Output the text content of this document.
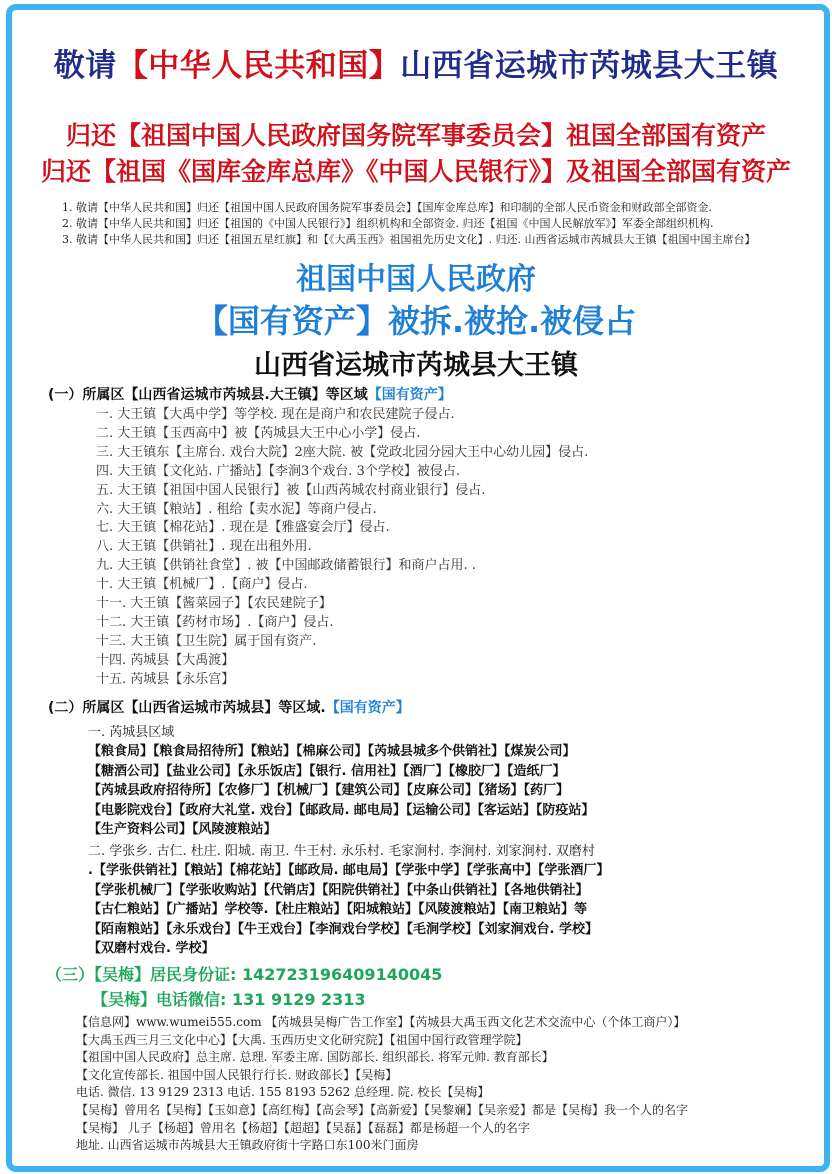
敬请【中华人民共和国】山西省运城市芮城县大王镇
归还【祖国中国人民政府国务院军事委员会】祖国全部国有资产
归还【祖国《国库金库总库》《中国人民银行》】及祖国全部国有资产
1. 敬请【中华人民共和国】归还【祖国中国人民政府国务院军事委员会】【国库金库总库】和印制的全部人民币资金和财政部全部资金.
2. 敬请【中华人民共和国】归还【祖国的《中国人民银行》】组织机构和全部资金. 归还【祖国《中国人民解放军》】军委全部组织机构.
3. 敬请【中华人民共和国】归还【祖国五星红旗】和【《大禹玉西》祖国祖先历史文化】. 归还. 山西省运城市芮城县大王镇【祖国中国主席台】
祖国中国人民政府
【国有资产】被拆.被抢.被侵占
山西省运城市芮城县大王镇
(一）所属区【山西省运城市芮城县.大王镇】等区域【国有资产】
一. 大王镇【大禹中学】等学校. 现在是商户和农民建院子侵占.
二. 大王镇【玉西高中】被【芮城县大王中心小学】侵占.
三. 大王镇东【主席台. 戏台大院】2座大院. 被【党政北园分园大王中心幼儿园】侵占.
四. 大王镇【文化站. 广播站】【李涧3个戏台. 3个学校】被侵占.
五. 大王镇【祖国中国人民银行】被【山西芮城农村商业银行】侵占.
六. 大王镇【粮站】. 租给【卖水泥】等商户侵占.
七. 大王镇【棉花站】. 现在是【雅盛宴会厅】侵占.
八. 大王镇【供销社】. 现在出租外用.
九. 大王镇【供销社食堂】. 被【中国邮政储蓄银行】和商户占用. .
十. 大王镇【机械厂】.【商户】侵占.
十一. 大王镇【酱菜园子】【农民建院子】
十二. 大王镇【药材市场】.【商户】侵占.
十三. 大王镇【卫生院】属于国有资产.
十四. 芮城县【大禹渡】
十五. 芮城县【永乐宫】
(二）所属区【山西省运城市芮城县】等区域.【国有资产】
一. 芮城县区域
【粮食局】【粮食局招待所】【粮站】【棉麻公司】【芮城县城多个供销社】【煤炭公司】
【糖酒公司】【盐业公司】【永乐饭店】【银行. 信用社】【酒厂】【橡胶厂】【造纸厂】
【芮城县政府招待所】【农修厂】【机械厂】【建筑公司】【皮麻公司】【猪场】【药厂】
【电影院戏台】【政府大礼堂. 戏台】【邮政局. 邮电局】【运输公司】【客运站】【防疫站】
【生产资料公司】【风陵渡粮站】
二. 学张乡. 古仁. 杜庄. 阳城. 南卫. 牛王村. 永乐村. 毛家涧村. 李涧村. 刘家涧村. 双磨村
.【学张供销社】【粮站】【棉花站】【邮政局. 邮电局】【学张中学】【学张高中】【学张酒厂】
【学张机械厂】【学张收购站】【代销店】【阳院供销社】【中条山供销社】【各地供销社】
【古仁粮站】【广播站】学校等.【杜庄粮站】【阳城粮站】【风陵渡粮站】【南卫粮站】等
【陌南粮站】【永乐戏台】【牛王戏台】【李涧戏台学校】【毛涧学校】【刘家涧戏台. 学校】
【双磨村戏台. 学校】
（三）【吴梅】居民身份证: 142723196409140045
【吴梅】电话微信: 131 9129 2313
【信息网】www.wumei555.com 【芮城县吴梅广告工作室】【芮城县大禹玉西文化艺术交流中心（个体工商户）】
【大禹玉西三月三文化中心】【大禹. 玉西历史文化研究院】【祖国中国行政管理学院】
【祖国中国人民政府】总主席. 总理. 军委主席. 国防部长. 组织部长. 将军元帅. 教育部长】
【文化宣传部长. 祖国中国人民银行行长. 财政部长】【吴梅】
电话. 微信. 13 9129 2313 电话. 155 8193 5262 总经理. 院. 校长【吴梅】
【吴梅】曾用名【吴梅】【玉如意】【高红梅】【高会琴】【高新爱】【吴黎斓】【吴亲爱】都是【吴梅】我一个人的名字
【吴梅】 儿子【杨超】曾用名【杨超】【超超】【吴磊】【磊磊】都是杨超一个人的名字
地址. 山西省运城市芮城县大王镇政府街十字路口东100米门面房
